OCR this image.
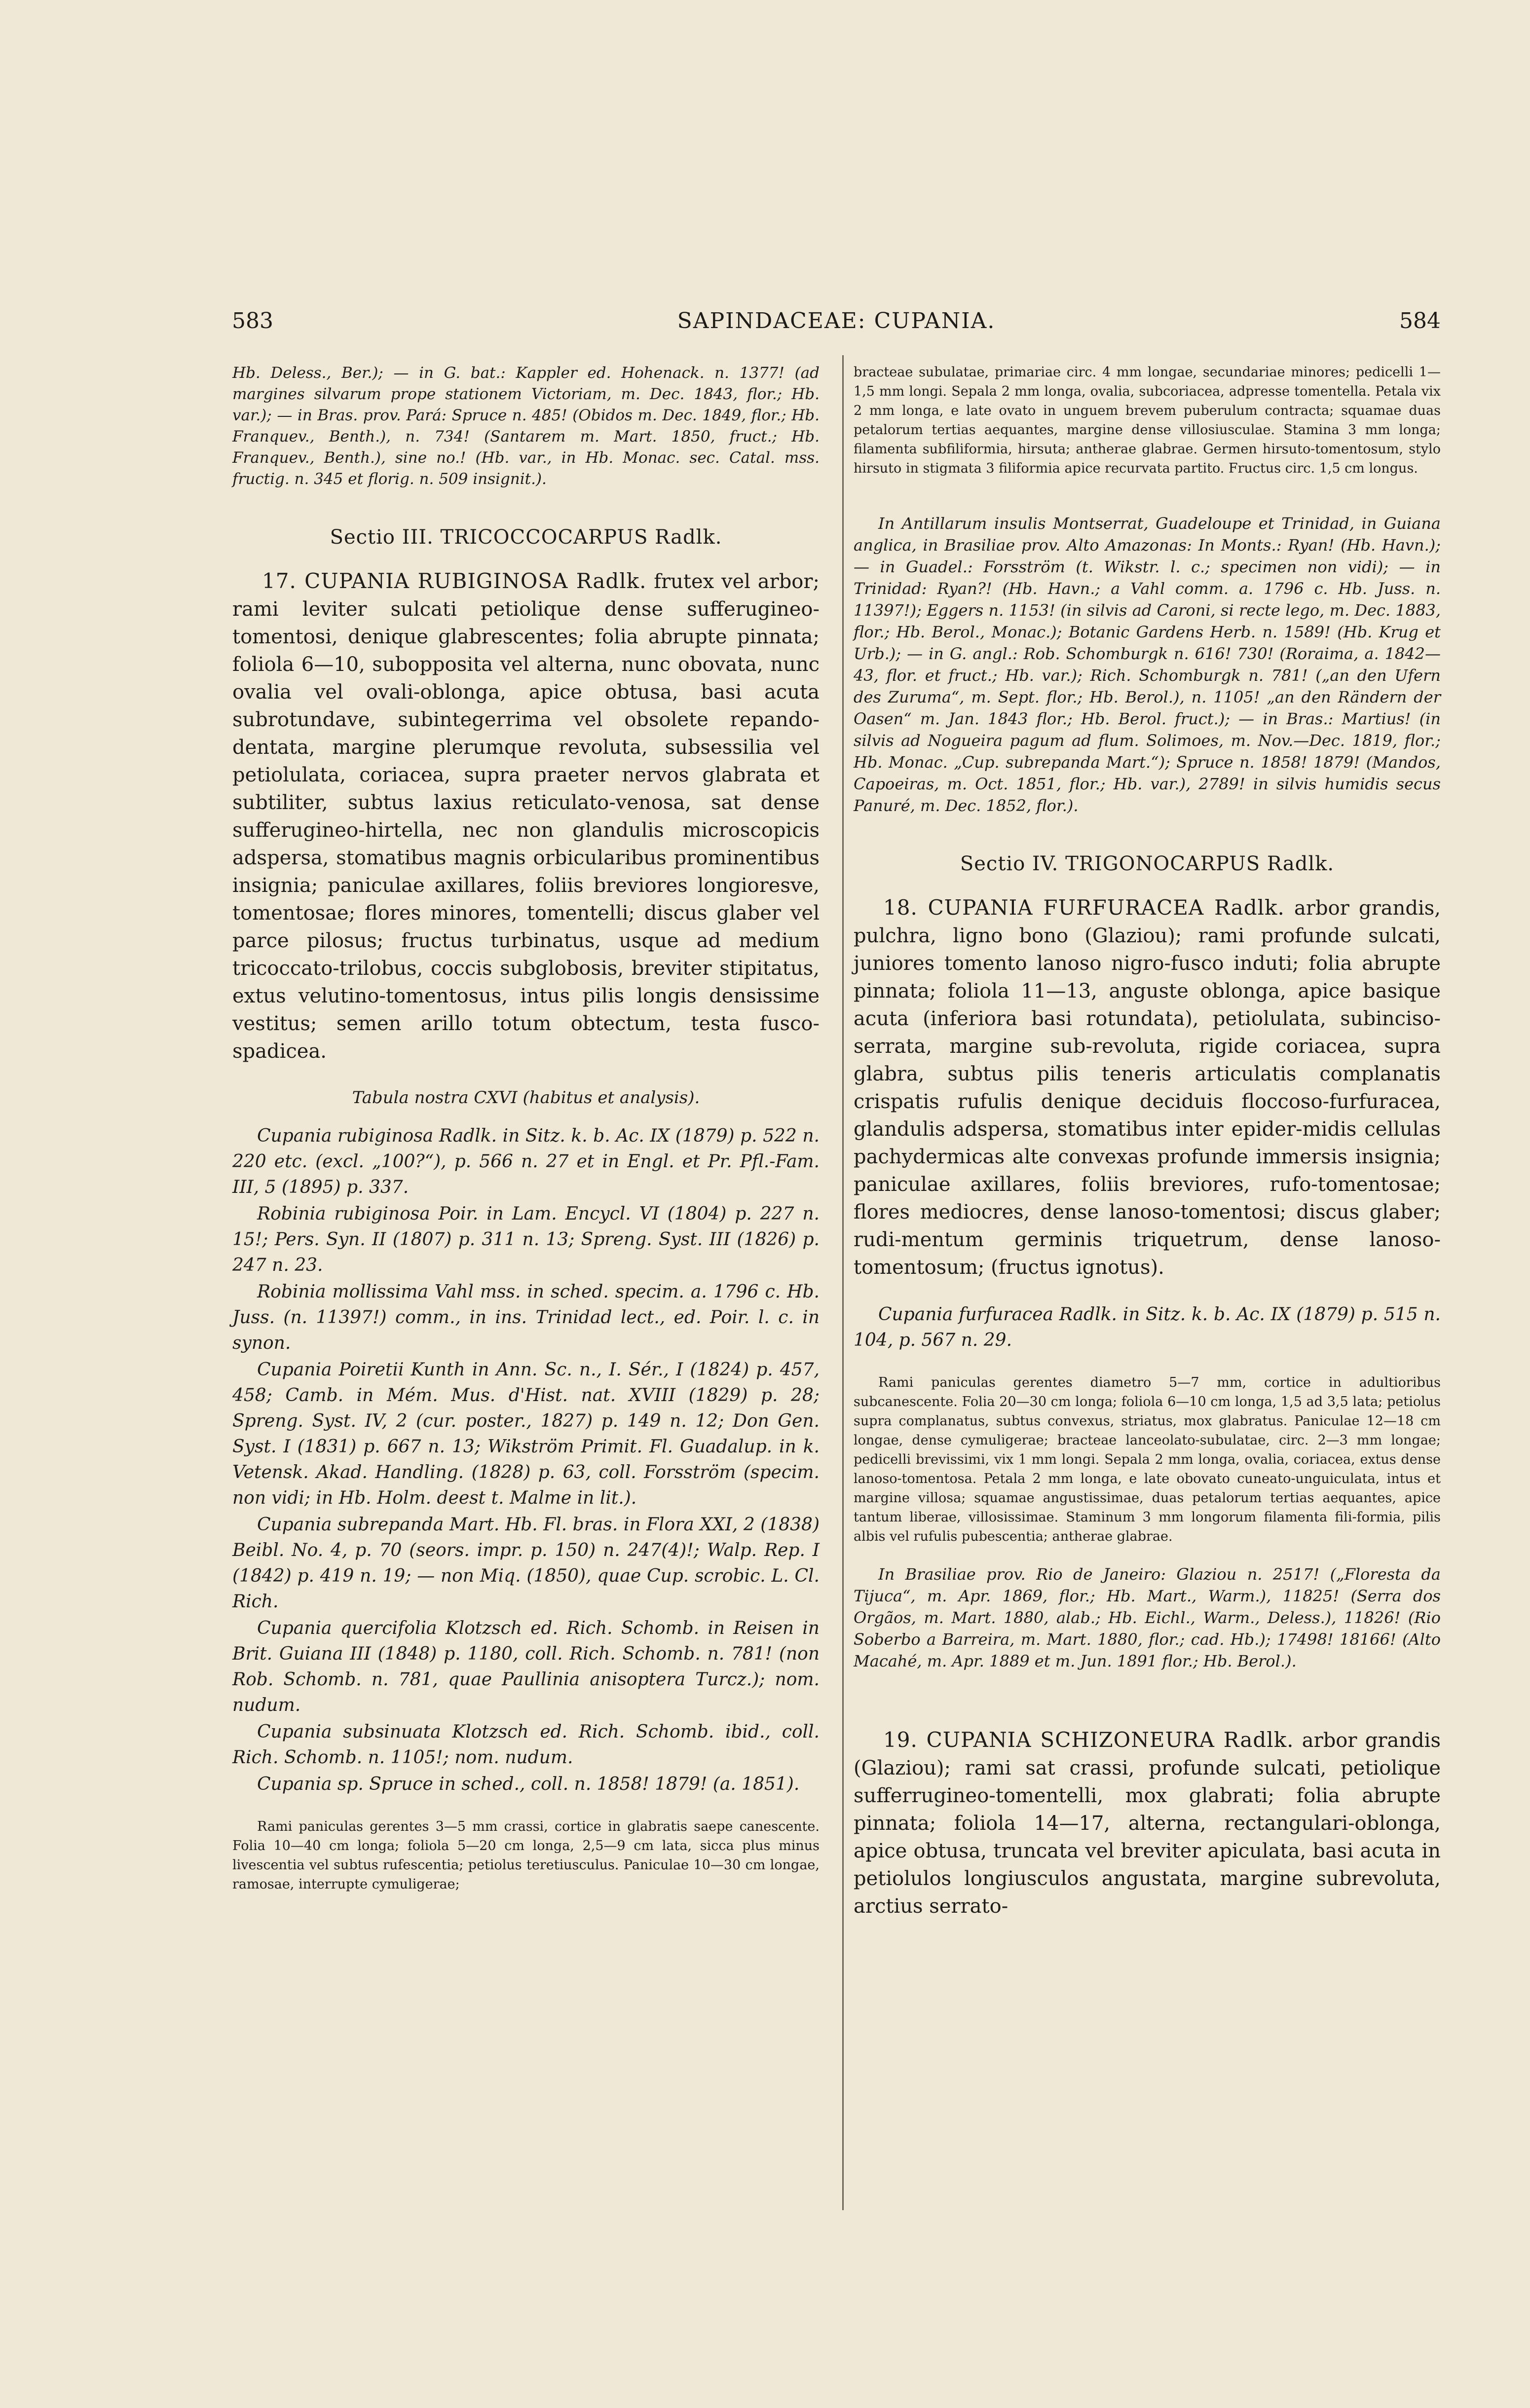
583	SAPINDACEAE: CUPANIA.	584

Hb. Deless., Ber.); — in G. bat.: Kappler ed. Hohenack. n. 1377! (ad margines silvarum prope stationem Victoriam, m. Dec. 1843, flor.; Hb. var.); — in Bras. prov. Pará: Spruce n. 485! (Obidos m. Dec. 1849, flor.; Hb. Franquev., Benth.), n. 734! (Santarem m. Mart. 1850, fruct.; Hb. Franquev., Benth.), sine no.! (Hb. var., in Hb. Monac. sec. Catal. mss. fructig. n. 345 et florig. n. 509 insignit.).

Sectio III. TRICOCCOCARPUS Radlk.

17. CUPANIA RUBIGINOSA Radlk. frutex vel arbor; rami leviter sulcati petiolique dense sufferugineo-tomentosi, denique glabrescentes; folia abrupte pinnata; foliola 6—10, subopposita vel alterna, nunc obovata, nunc ovalia vel ovali-oblonga, apice obtusa, basi acuta subrotundave, subintegerrima vel obsolete repando-dentata, margine plerumque revoluta, subsessilia vel petiolulata, coriacea, supra praeter nervos glabrata et subtiliter, subtus laxius reticulato-venosa, sat dense sufferugineo-hirtella, nec non glandulis microscopicis adspersa, stomatibus magnis orbicularibus prominentibus insignia; paniculae axillares, foliis breviores longioresve, tomentosae; flores minores, tomentelli; discus glaber vel parce pilosus; fructus turbinatus, usque ad medium tricoccato-trilobus, coccis subglobosis, breviter stipitatus, extus velutino-tomentosus, intus pilis longis densissime vestitus; semen arillo totum obtectum, testa fusco-spadicea.

Tabula nostra CXVI (habitus et analysis).

Cupania rubiginosa Radlk. in Sitz. k. b. Ac. IX (1879) p. 522 n. 220 etc. (excl. „100?“), p. 566 n. 27 et in Engl. et Pr. Pfl.-Fam. III, 5 (1895) p. 337.

Robinia rubiginosa Poir. in Lam. Encycl. VI (1804) p. 227 n. 15!; Pers. Syn. II (1807) p. 311 n. 13; Spreng. Syst. III (1826) p. 247 n. 23.

Robinia mollissima Vahl mss. in sched. specim. a. 1796 c. Hb. Juss. (n. 11397!) comm., in ins. Trinidad lect., ed. Poir. l. c. in synon.

Cupania Poiretii Kunth in Ann. Sc. n., I. Sér., I (1824) p. 457, 458; Camb. in Mém. Mus. d'Hist. nat. XVIII (1829) p. 28; Spreng. Syst. IV, 2 (cur. poster., 1827) p. 149 n. 12; Don Gen. Syst. I (1831) p. 667 n. 13; Wikström Primit. Fl. Guadalup. in k. Vetensk. Akad. Handling. (1828) p. 63, coll. Forsström (specim. non vidi; in Hb. Holm. deest t. Malme in lit.).

Cupania subrepanda Mart. Hb. Fl. bras. in Flora XXI, 2 (1838) Beibl. No. 4, p. 70 (seors. impr. p. 150) n. 247(4)!; Walp. Rep. I (1842) p. 419 n. 19; — non Miq. (1850), quae Cup. scrobic. L. Cl. Rich.

Cupania quercifolia Klotzsch ed. Rich. Schomb. in Reisen in Brit. Guiana III (1848) p. 1180, coll. Rich. Schomb. n. 781! (non Rob. Schomb. n. 781, quae Paullinia anisoptera Turcz.); nom. nudum.

Cupania subsinuata Klotzsch ed. Rich. Schomb. ibid., coll. Rich. Schomb. n. 1105!; nom. nudum.

Cupania sp. Spruce in sched., coll. n. 1858! 1879! (a. 1851).

Rami paniculas gerentes 3—5 mm crassi, cortice in glabratis saepe canescente. Folia 10—40 cm longa; foliola 5—20 cm longa, 2,5—9 cm lata, sicca plus minus livescentia vel subtus rufescentia; petiolus teretiusculus. Paniculae 10—30 cm longae, ramosae, interrupte cymuligerae;

bracteae subulatae, primariae circ. 4 mm longae, secundariae minores; pedicelli 1—1,5 mm longi. Sepala 2 mm longa, ovalia, subcoriacea, adpresse tomentella. Petala vix 2 mm longa, e late ovato in unguem brevem puberulum contracta; squamae duas petalorum tertias aequantes, margine dense villosiusculae. Stamina 3 mm longa; filamenta subfiliformia, hirsuta; antherae glabrae. Germen hirsuto-tomentosum, stylo hirsuto in stigmata 3 filiformia apice recurvata partito. Fructus circ. 1,5 cm longus.

In Antillarum insulis Montserrat, Guadeloupe et Trinidad, in Guiana anglica, in Brasiliae prov. Alto Amazonas: In Monts.: Ryan! (Hb. Havn.); — in Guadel.: Forsström (t. Wikstr. l. c.; specimen non vidi); — in Trinidad: Ryan?! (Hb. Havn.; a Vahl comm. a. 1796 c. Hb. Juss. n. 11397!); Eggers n. 1153! (in silvis ad Caroni, si recte lego, m. Dec. 1883, flor.; Hb. Berol., Monac.); Botanic Gardens Herb. n. 1589! (Hb. Krug et Urb.); — in G. angl.: Rob. Schomburgk n. 616! 730! (Roraima, a. 1842—43, flor. et fruct.; Hb. var.); Rich. Schomburgk n. 781! („an den Ufern des Zuruma“, m. Sept. flor.; Hb. Berol.), n. 1105! „an den Rändern der Oasen“ m. Jan. 1843 flor.; Hb. Berol. fruct.); — in Bras.: Martius! (in silvis ad Nogueira pagum ad flum. Solimoes, m. Nov.—Dec. 1819, flor.; Hb. Monac. „Cup. subrepanda Mart.“); Spruce n. 1858! 1879! (Mandos, Capoeiras, m. Oct. 1851, flor.; Hb. var.), 2789! in silvis humidis secus Panuré, m. Dec. 1852, flor.).

Sectio IV. TRIGONOCARPUS Radlk.

18. CUPANIA FURFURACEA Radlk. arbor grandis, pulchra, ligno bono (Glaziou); rami profunde sulcati, juniores tomento lanoso nigro-fusco induti; folia abrupte pinnata; foliola 11—13, anguste oblonga, apice basique acuta (inferiora basi rotundata), petiolulata, subinciso-serrata, margine sub-revoluta, rigide coriacea, supra glabra, subtus pilis teneris articulatis complanatis crispatis rufulis denique deciduis floccoso-furfuracea, glandulis adspersa, stomatibus inter epider-midis cellulas pachydermicas alte convexas profunde immersis insignia; paniculae axillares, foliis breviores, rufo-tomentosae; flores mediocres, dense lanoso-tomentosi; discus glaber; rudi-mentum germinis triquetrum, dense lanoso-tomentosum; (fructus ignotus).

Cupania furfuracea Radlk. in Sitz. k. b. Ac. IX (1879) p. 515 n. 104, p. 567 n. 29.

Rami paniculas gerentes diametro 5—7 mm, cortice in adultioribus subcanescente. Folia 20—30 cm longa; foliola 6—10 cm longa, 1,5 ad 3,5 lata; petiolus supra complanatus, subtus convexus, striatus, mox glabratus. Paniculae 12—18 cm longae, dense cymuligerae; bracteae lanceolato-subulatae, circ. 2—3 mm longae; pedicelli brevissimi, vix 1 mm longi. Sepala 2 mm longa, ovalia, coriacea, extus dense lanoso-tomentosa. Petala 2 mm longa, e late obovato cuneato-unguiculata, intus et margine villosa; squamae angustissimae, duas petalorum tertias aequantes, apice tantum liberae, villosissimae. Staminum 3 mm longorum filamenta fili-formia, pilis albis vel rufulis pubescentia; antherae glabrae.

In Brasiliae prov. Rio de Janeiro: Glaziou n. 2517! („Floresta da Tijuca“, m. Apr. 1869, flor.; Hb. Mart., Warm.), 11825! (Serra dos Orgãos, m. Mart. 1880, alab.; Hb. Eichl., Warm., Deless.), 11826! (Rio Soberbo a Barreira, m. Mart. 1880, flor.; cad. Hb.); 17498! 18166! (Alto Macahé, m. Apr. 1889 et m. Jun. 1891 flor.; Hb. Berol.).

19. CUPANIA SCHIZONEURA Radlk. arbor grandis (Glaziou); rami sat crassi, profunde sulcati, petiolique sufferrugineo-tomentelli, mox glabrati; folia abrupte pinnata; foliola 14—17, alterna, rectangulari-oblonga, apice obtusa, truncata vel breviter apiculata, basi acuta in petiolulos longiusculos angustata, margine subrevoluta, arctius serrato-
